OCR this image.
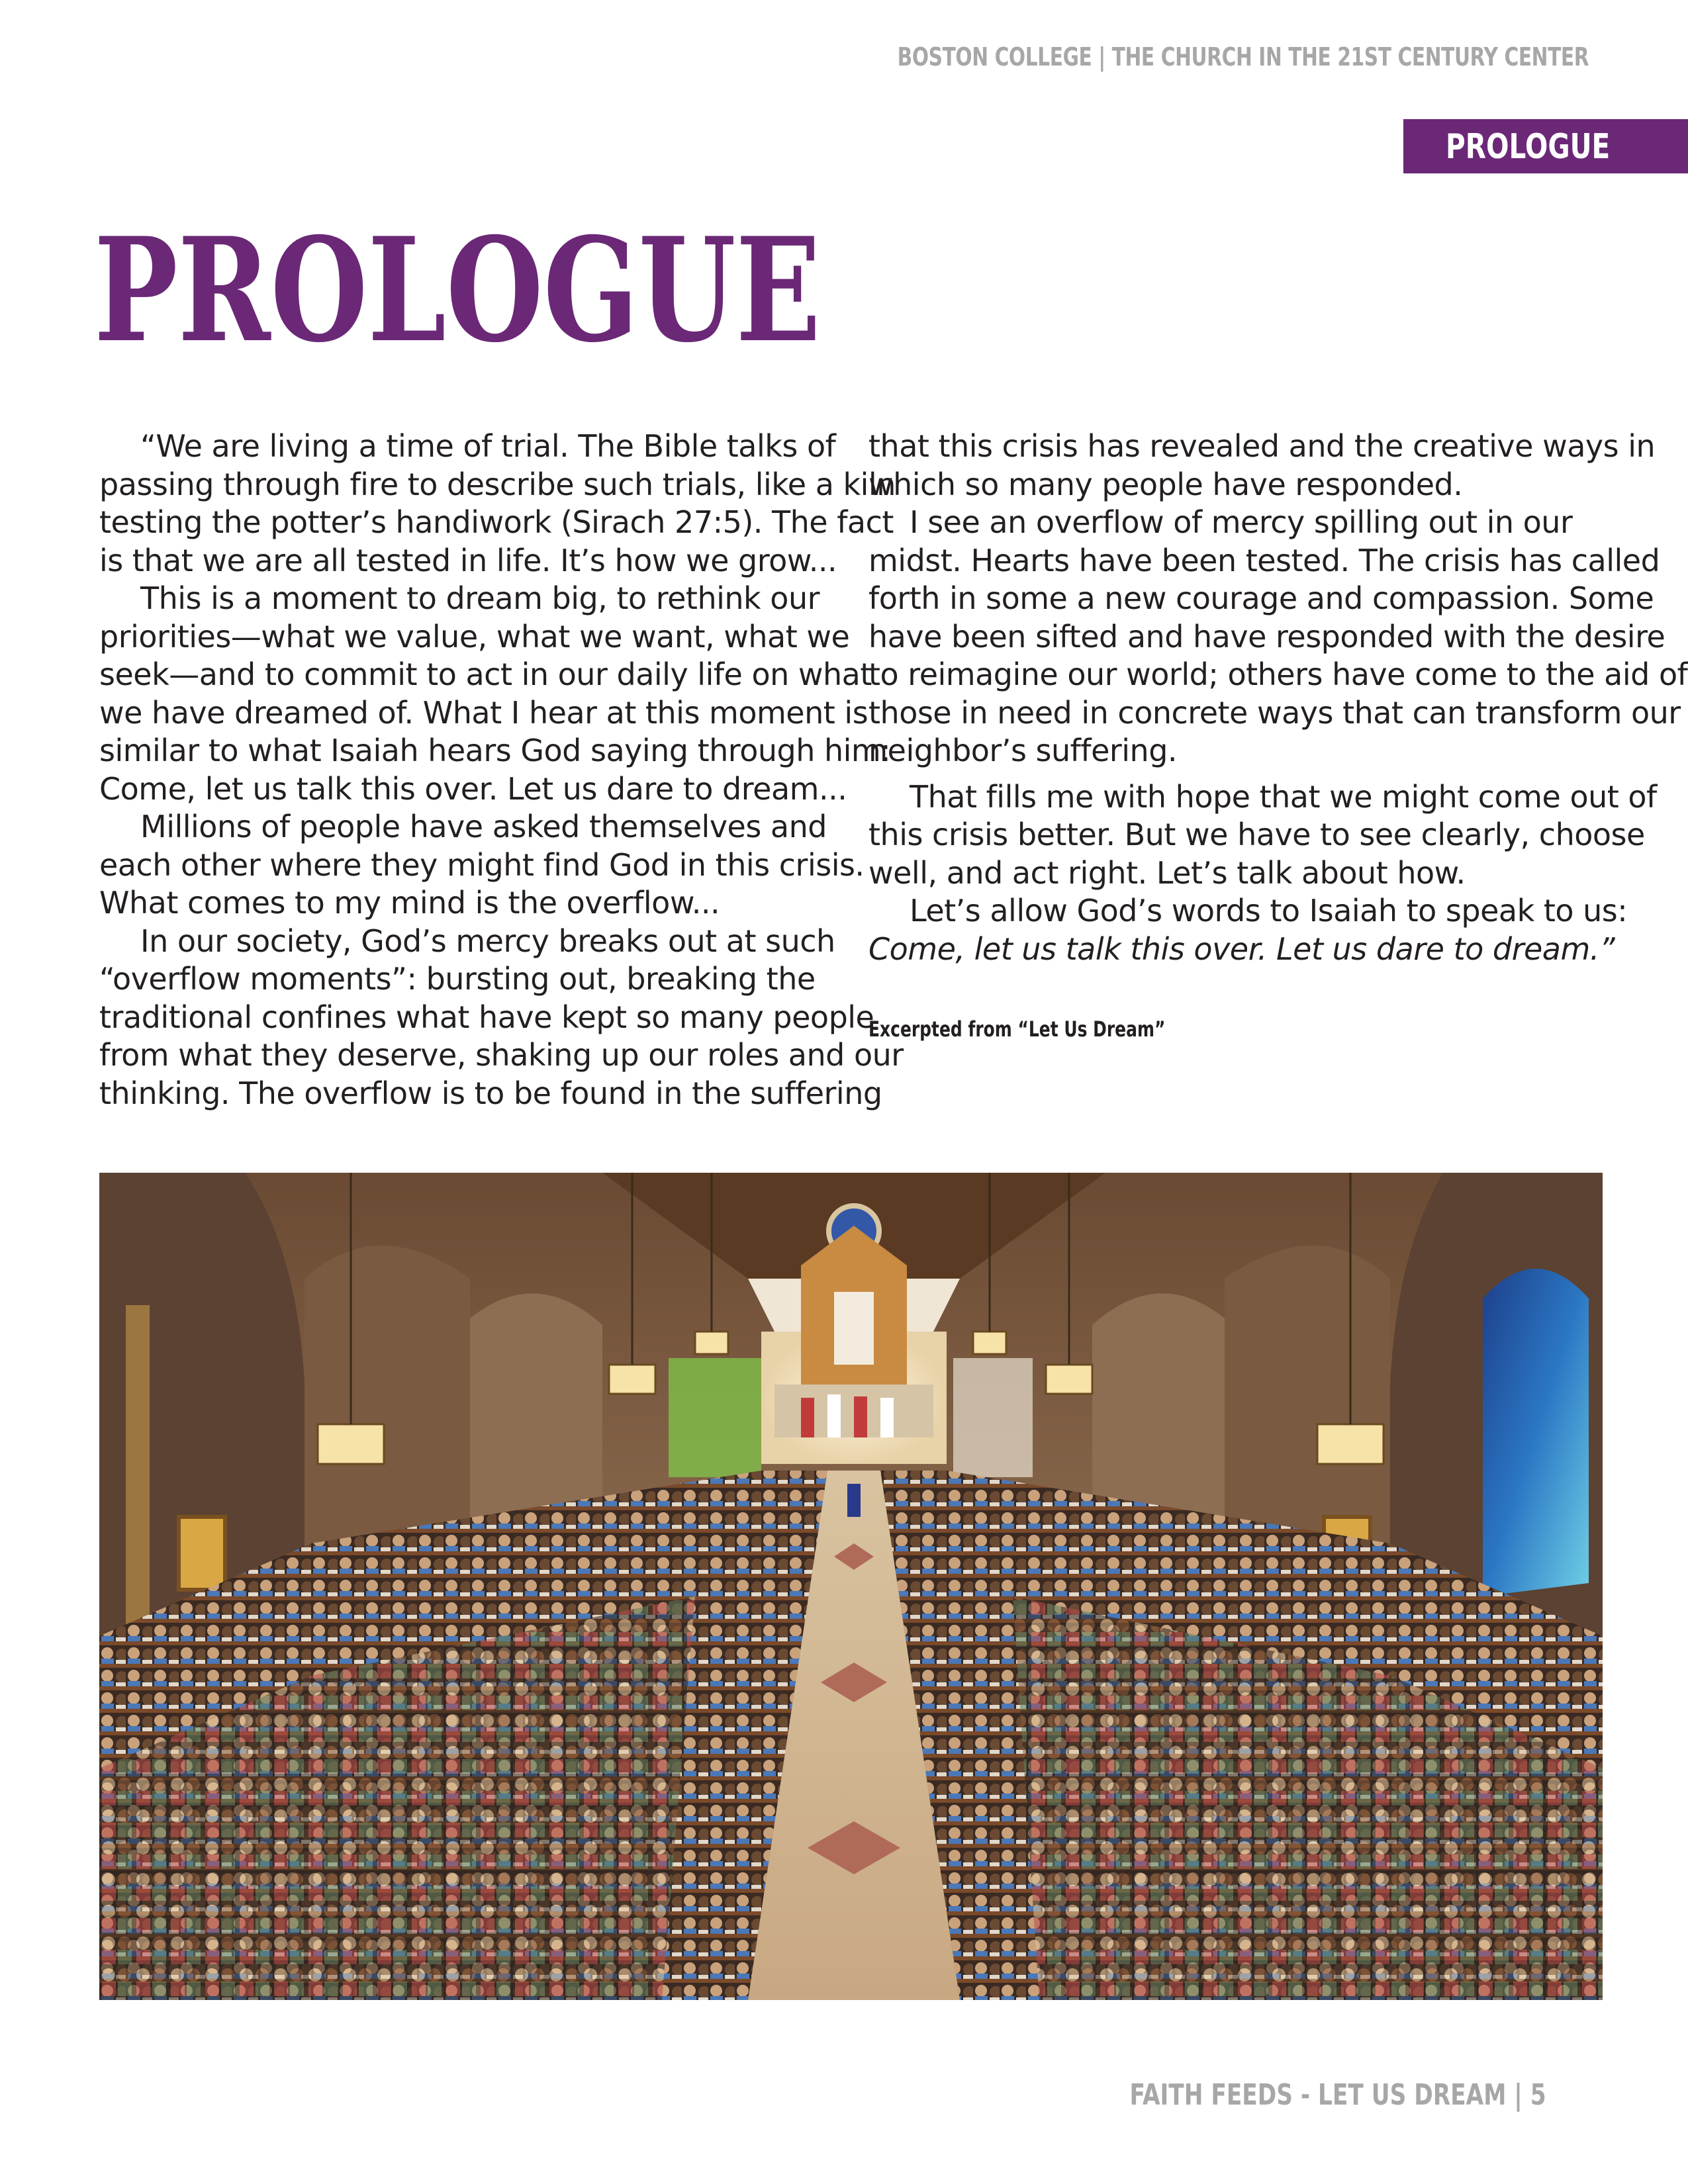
BOSTON COLLEGE | THE CHURCH IN THE 21ST CENTURY CENTER
PROLOGUE
PROLOGUE

“We are living a time of trial. The Bible talks of

passing through fire to describe such trials, like a kiln

testing the potter’s handiwork (Sirach 27:5). The fact

is that we are all tested in life. It’s how we grow...

This is a moment to dream big, to rethink our

priorities—what we value, what we want, what we

seek—and to commit to act in our daily life on what

we have dreamed of. What I hear at this moment is

similar to what Isaiah hears God saying through him:

Come, let us talk this over. Let us dare to dream...

Millions of people have asked themselves and

each other where they might find God in this crisis.

What comes to my mind is the overflow...

In our society, God’s mercy breaks out at such

“overflow moments”: bursting out, breaking the

traditional confines what have kept so many people

from what they deserve, shaking up our roles and our

thinking. The overflow is to be found in the suffering

that this crisis has revealed and the creative ways in

which so many people have responded.

I see an overflow of mercy spilling out in our

midst. Hearts have been tested. The crisis has called

forth in some a new courage and compassion. Some

have been sifted and have responded with the desire

to reimagine our world; others have come to the aid of

those in need in concrete ways that can transform our

neighbor’s suffering.

That fills me with hope that we might come out of

this crisis better. But we have to see clearly, choose

well, and act right. Let’s talk about how.

Let’s allow God’s words to Isaiah to speak to us:

Come, let us talk this over. Let us dare to dream.”

Excerpted from “Let Us Dream”
FAITH FEEDS - LET US DREAM | 5
